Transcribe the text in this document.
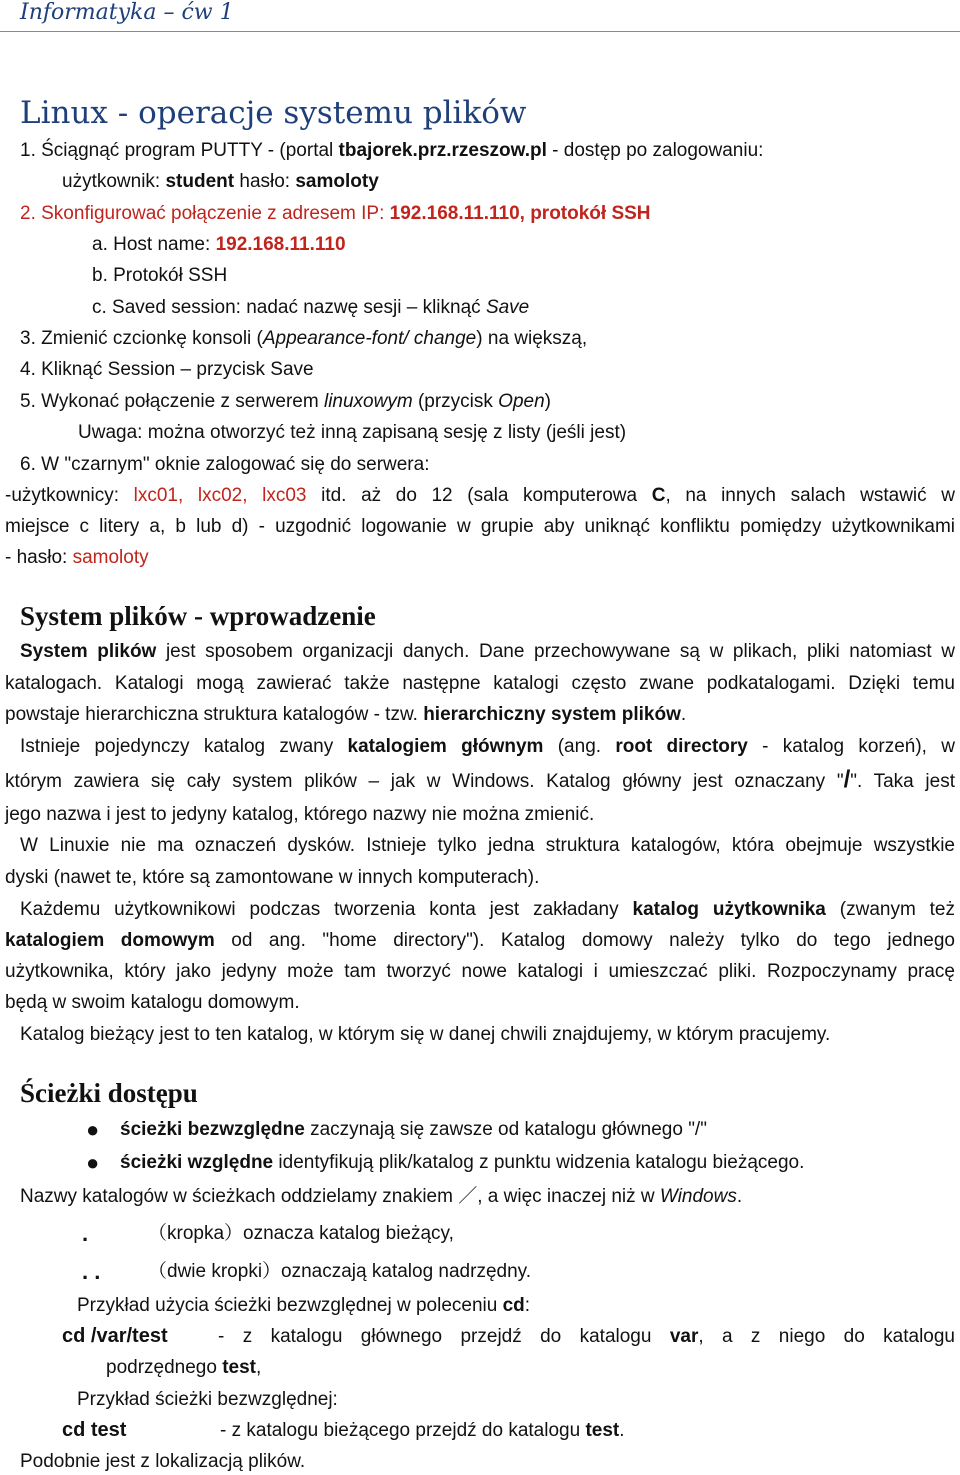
Informatyka – ćw 1
Linux - operacje systemu plików
1. Ściągnąć program PUTTY - (portal tbajorek.prz.rzeszow.pl - dostęp po zalogowaniu:
użytkownik: student hasło: samoloty
2. Skonfigurować połączenie z adresem IP: 192.168.11.110, protokół SSH
a. Host name: 192.168.11.110
b. Protokół SSH
c. Saved session: nadać nazwę sesji – kliknąć Save
3. Zmienić czcionkę konsoli (Appearance-font/ change) na większą,
4. Kliknąć Session – przycisk Save
5. Wykonać połączenie z serwerem linuxowym (przycisk Open)
Uwaga: można otworzyć też inną zapisaną sesję z listy (jeśli jest)
6. W "czarnym" oknie zalogować się do serwera:
-użytkownicy: lxc01, lxc02, lxc03 itd. aż do 12 (sala komputerowa C, na innych salach wstawić w
miejsce c litery a, b lub d) - uzgodnić logowanie w grupie aby uniknąć konfliktu pomiędzy użytkownikami
- hasło: samoloty
System plików - wprowadzenie
System plików jest sposobem organizacji danych. Dane przechowywane są w plikach, pliki natomiast w
katalogach. Katalogi mogą zawierać także następne katalogi często zwane podkatalogami. Dzięki temu
powstaje hierarchiczna struktura katalogów - tzw. hierarchiczny system plików.
Istnieje pojedynczy katalog zwany katalogiem głównym (ang. root directory - katalog korzeń), w
którym zawiera się cały system plików – jak w Windows. Katalog główny jest oznaczany "/". Taka jest
jego nazwa i jest to jedyny katalog, którego nazwy nie można zmienić.
W Linuxie nie ma oznaczeń dysków. Istnieje tylko jedna struktura katalogów, która obejmuje wszystkie
dyski (nawet te, które są zamontowane w innych komputerach).
Każdemu użytkownikowi podczas tworzenia konta jest zakładany katalog użytkownika (zwanym też
katalogiem domowym od ang. "home directory"). Katalog domowy należy tylko do tego jednego
użytkownika, który jako jedyny może tam tworzyć nowe katalogi i umieszczać pliki. Rozpoczynamy pracę
będą w swoim katalogu domowym.
Katalog bieżący jest to ten katalog, w którym się w danej chwili znajdujemy, w którym pracujemy.
Ścieżki dostępu
● ścieżki bezwzględne zaczynają się zawsze od katalogu głównego "/"
● ścieżki względne identyfikują plik/katalog z punktu widzenia katalogu bieżącego.
Nazwy katalogów w ścieżkach oddzielamy znakiem ／, a więc inaczej niż w Windows.
.	（kropka）oznacza katalog bieżący,
. .	（dwie kropki）oznaczają katalog nadrzędny.
Przykład użycia ścieżki bezwzględnej w poleceniu cd:
cd /var/test	- z katalogu głównego przejdź do katalogu var, a z niego do katalogu
podrzędnego test,
Przykład ścieżki bezwzględnej:
cd test	- z katalogu bieżącego przejdź do katalogu test.
Podobnie jest z lokalizacją plików.
